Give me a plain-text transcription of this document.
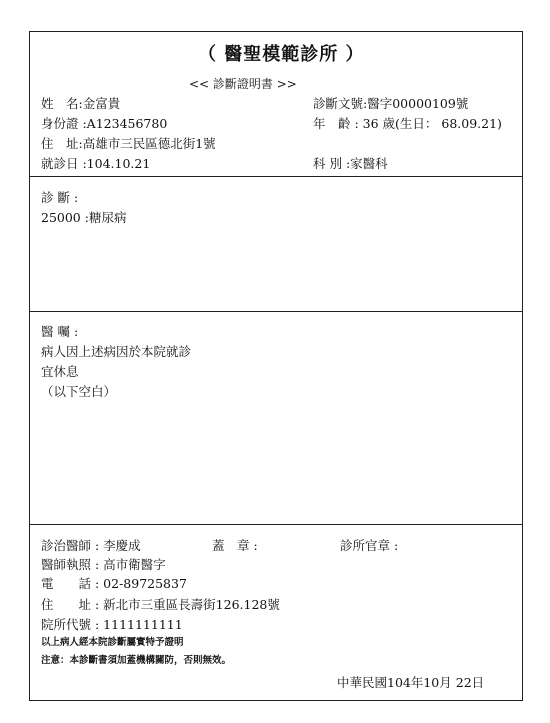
（ 醫聖模範診所 ）
<< 診斷證明書 >>
姓　名:金富貴
身份證 :A123456780
住　址:高雄市三民區德北街1號
就診日 :104.10.21
診斷文號:醫字00000109號
年　齡 : 36 歲(生日： 68.09.21)
科 別 :家醫科
診 斷 :
25000 :糖尿病
醫 囑 :
病人因上述病因於本院就診
宜休息
（以下空白）
診治醫師 : 李慶成	蓋　章 :	診所官章 :
醫師執照 : 高市衛醫字
電　　話 : 02-89725837
住　　址 : 新北市三重區長壽街126.128號
院所代號 : 1111111111
以上病人經本院診斷屬實特予證明
注意：本診斷書須加蓋機構關防，否則無效。
中華民國104年10月 22日
